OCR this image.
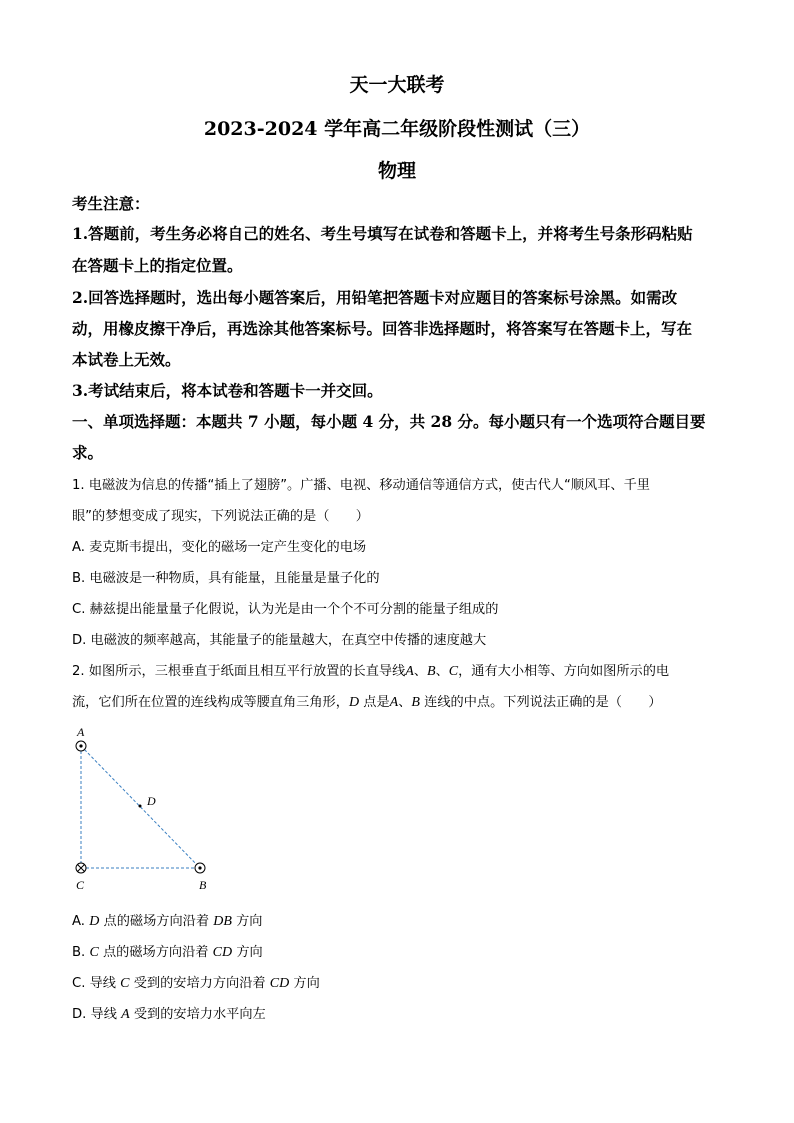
天一大联考
2023-2024 学年高二年级阶段性测试（三）
物理
考生注意：
1.答题前，考生务必将自己的姓名、考生号填写在试卷和答题卡上，并将考生号条形码粘贴
在答题卡上的指定位置。
2.回答选择题时，选出每小题答案后，用铅笔把答题卡对应题目的答案标号涂黑。如需改
动，用橡皮擦干净后，再选涂其他答案标号。回答非选择题时，将答案写在答题卡上，写在
本试卷上无效。
3.考试结束后，将本试卷和答题卡一并交回。
一、单项选择题：本题共 7 小题，每小题 4 分，共 28 分。每小题只有一个选项符合题目要
求。
1. 电磁波为信息的传播“插上了翅膀”。广播、电视、移动通信等通信方式，使古代人“顺风耳、千里
眼”的梦想变成了现实，下列说法正确的是（　　）
A. 麦克斯韦提出，变化的磁场一定产生变化的电场
B. 电磁波是一种物质，具有能量，且能量是量子化的
C. 赫兹提出能量量子化假说，认为光是由一个个不可分割的能量子组成的
D. 电磁波的频率越高，其能量子的能量越大，在真空中传播的速度越大
2. 如图所示，三根垂直于纸面且相互平行放置的长直导线A、B、C，通有大小相等、方向如图所示的电
流，它们所在位置的连线构成等腰直角三角形，D 点是A、B 连线的中点。下列说法正确的是（　　）
A
D
C	B
A. D 点的磁场方向沿着 DB 方向
B. C 点的磁场方向沿着 CD 方向
C. 导线 C 受到的安培力方向沿着 CD 方向
D. 导线 A 受到的安培力水平向左
